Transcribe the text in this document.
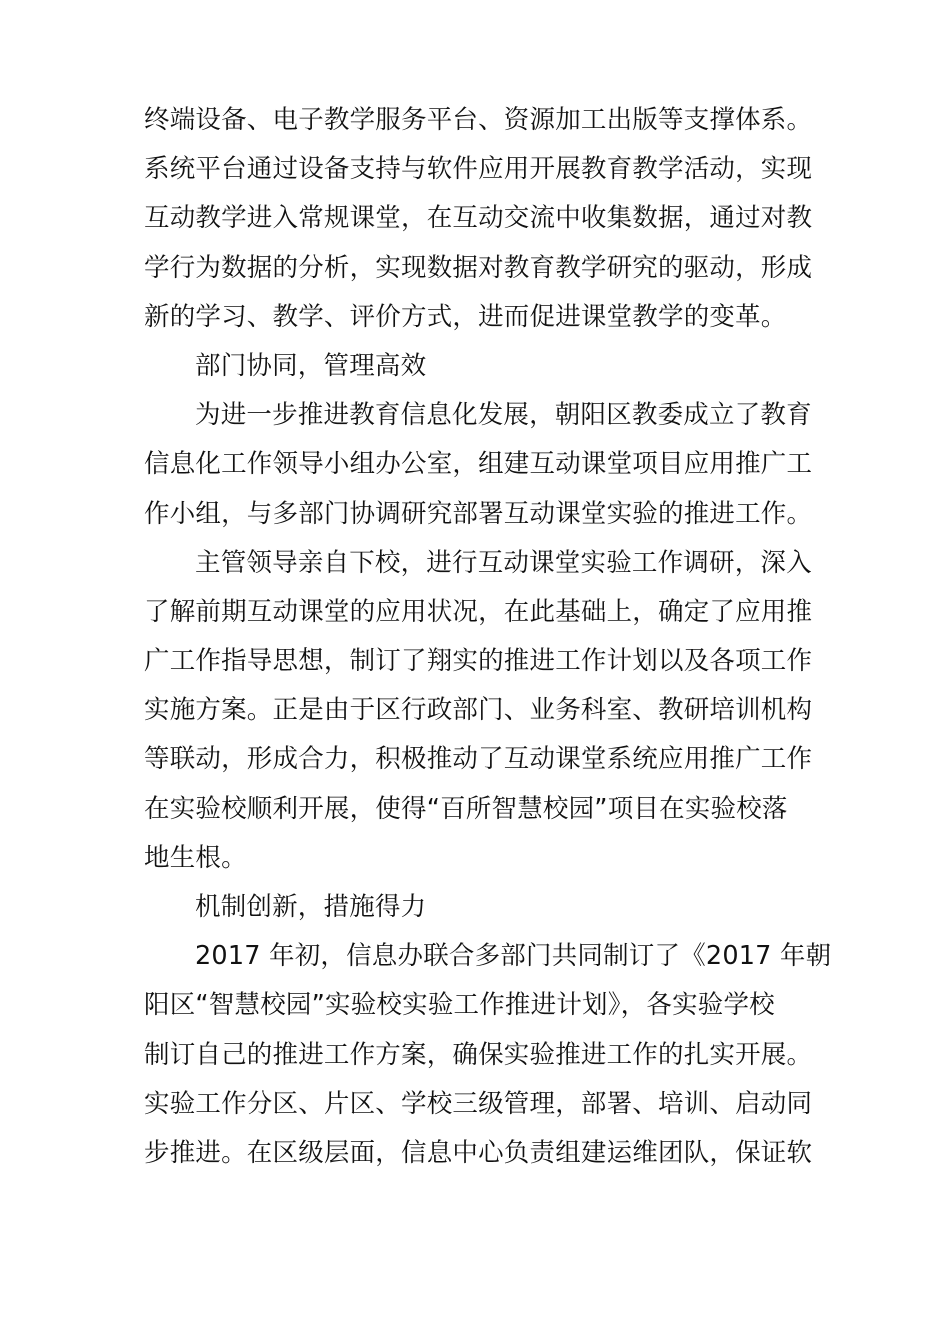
终端设备、电子教学服务平台、资源加工出版等支撑体系。
系统平台通过设备支持与软件应用开展教育教学活动，实现
互动教学进入常规课堂，在互动交流中收集数据，通过对教
学行为数据的分析，实现数据对教育教学研究的驱动，形成
新的学习、教学、评价方式，进而促进课堂教学的变革。
部门协同，管理高效
为进一步推进教育信息化发展，朝阳区教委成立了教育
信息化工作领导小组办公室，组建互动课堂项目应用推广工
作小组，与多部门协调研究部署互动课堂实验的推进工作。
主管领导亲自下校，进行互动课堂实验工作调研，深入
了解前期互动课堂的应用状况，在此基础上，确定了应用推
广工作指导思想，制订了翔实的推进工作计划以及各项工作
实施方案。正是由于区行政部门、业务科室、教研培训机构
等联动，形成合力，积极推动了互动课堂系统应用推广工作
在实验校顺利开展，使得“百所智慧校园”项目在实验校落
地生根。
机制创新，措施得力
2017 年初，信息办联合多部门共同制订了《2017 年朝
阳区“智慧校园”实验校实验工作推进计划》，各实验学校
制订自己的推进工作方案，确保实验推进工作的扎实开展。
实验工作分区、片区、学校三级管理，部署、培训、启动同
步推进。在区级层面，信息中心负责组建运维团队，保证软
